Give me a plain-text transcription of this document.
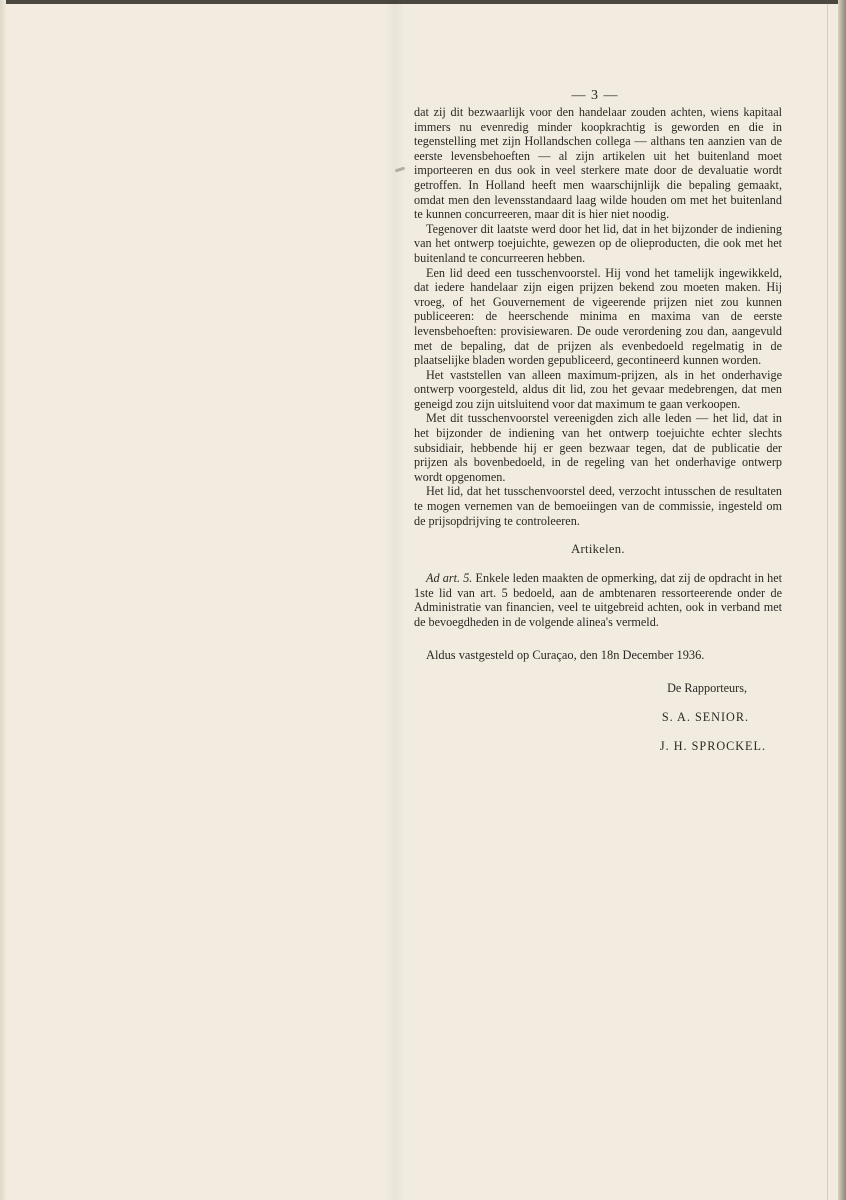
— 3 —

dat zij dit bezwaarlijk voor den handelaar zouden achten, wiens kapitaal immers nu evenredig minder koopkrachtig is geworden en die in tegenstelling met zijn Hollandschen collega — althans ten aanzien van de eerste levensbehoeften — al zijn artikelen uit het buitenland moet importeeren en dus ook in veel sterkere mate door de devaluatie wordt getroffen. In Holland heeft men waarschijnlijk die bepaling gemaakt, omdat men den levensstandaard laag wilde houden om met het buitenland te kunnen concurreeren, maar dit is hier niet noodig.

Tegenover dit laatste werd door het lid, dat in het bijzonder de indiening van het ontwerp toejuichte, gewezen op de olieproducten, die ook met het buitenland te concurreeren hebben.

Een lid deed een tusschenvoorstel. Hij vond het tamelijk ingewikkeld, dat iedere handelaar zijn eigen prijzen bekend zou moeten maken. Hij vroeg, of het Gouvernement de vigeerende prijzen niet zou kunnen publiceeren: de heerschende minima en maxima van de eerste levensbehoeften: provisiewaren. De oude verordening zou dan, aangevuld met de bepaling, dat de prijzen als evenbedoeld regelmatig in de plaatselijke bladen worden gepubliceerd, gecontineerd kunnen worden.

Het vaststellen van alleen maximum-prijzen, als in het onderhavige ontwerp voorgesteld, aldus dit lid, zou het gevaar medebrengen, dat men geneigd zou zijn uitsluitend voor dat maximum te gaan verkoopen.

Met dit tusschenvoorstel vereenigden zich alle leden — het lid, dat in het bijzonder de indiening van het ontwerp toejuichte echter slechts subsidiair, hebbende hij er geen bezwaar tegen, dat de publicatie der prijzen als bovenbedoeld, in de regeling van het onderhavige ontwerp wordt opgenomen.

Het lid, dat het tusschenvoorstel deed, verzocht intusschen de resultaten te mogen vernemen van de bemoeiingen van de commissie, ingesteld om de prijsopdrijving te controleeren.

Artikelen.

Ad art. 5. Enkele leden maakten de opmerking, dat zij de opdracht in het 1ste lid van art. 5 bedoeld, aan de ambtenaren ressorteerende onder de Administratie van financien, veel te uitgebreid achten, ook in verband met de bevoegdheden in de volgende alinea's vermeld.

Aldus vastgesteld op Curaçao, den 18n December 1936.
De Rapporteurs,
S. A. SENIOR.
J. H. SPROCKEL.
